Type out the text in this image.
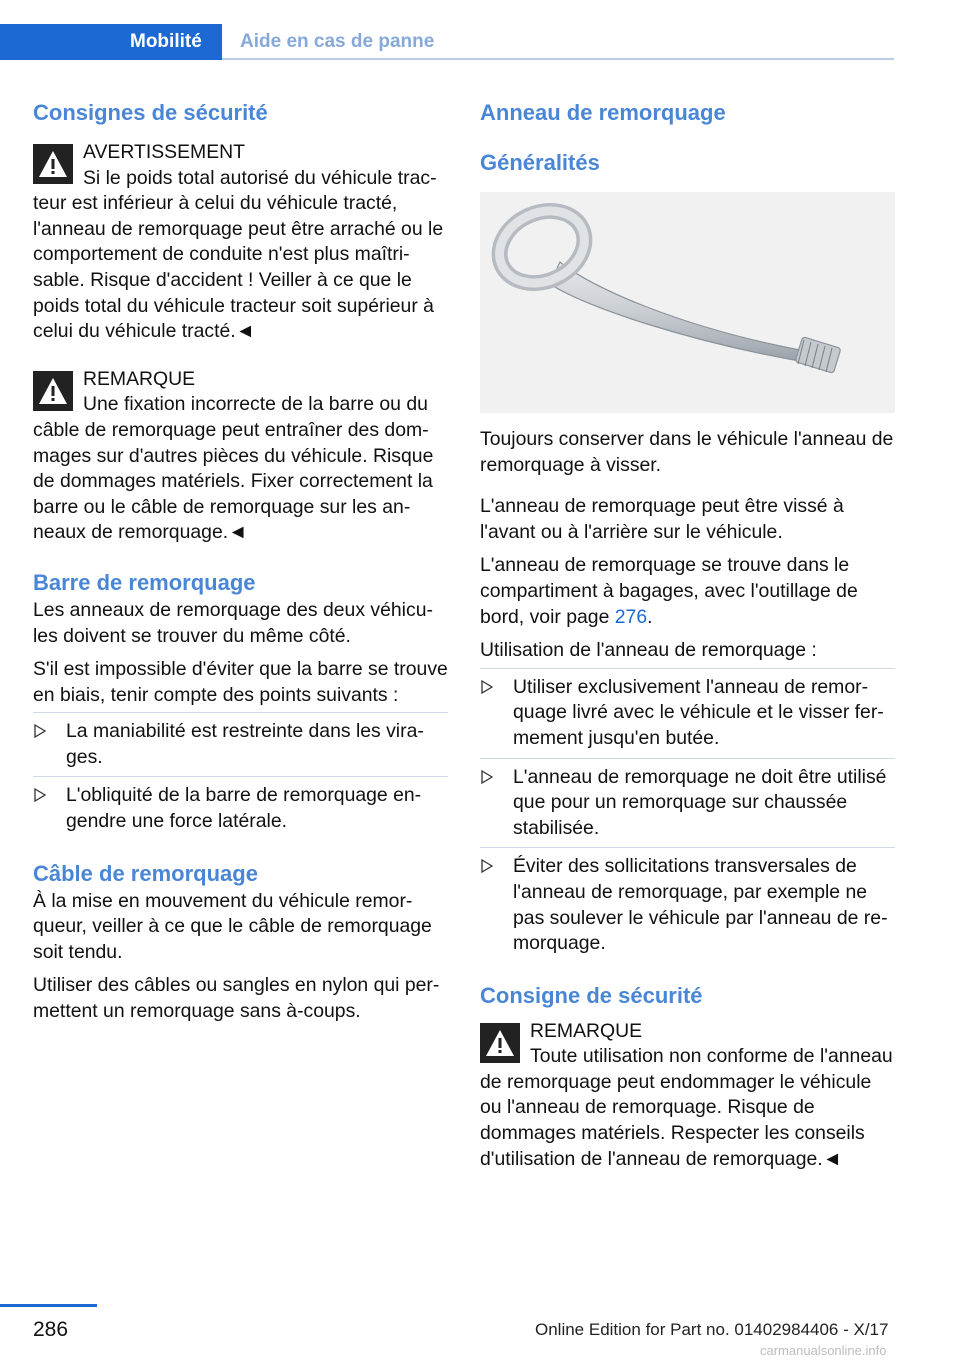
Mobilité	Aide en cas de panne
Consignes de sécurité
AVERTISSEMENT
Si le poids total autorisé du véhicule tracteur est inférieur à celui du véhicule tracté, l'anneau de remorquage peut être arraché ou le comportement de conduite n'est plus maîtrisable. Risque d'accident ! Veiller à ce que le poids total du véhicule tracteur soit supérieur à celui du véhicule tracté.◄
REMARQUE
Une fixation incorrecte de la barre ou du câble de remorquage peut entraîner des dommages sur d'autres pièces du véhicule. Risque de dommages matériels. Fixer correctement la barre ou le câble de remorquage sur les anneaux de remorquage.◄
Barre de remorquage

Les anneaux de remorquage des deux véhicules doivent se trouver du même côté.

S'il est impossible d'éviter que la barre se trouve en biais, tenir compte des points suivants :

La maniabilité est restreinte dans les virages.
L'obliquité de la barre de remorquage engendre une force latérale.
Câble de remorquage

À la mise en mouvement du véhicule remorqueur, veiller à ce que le câble de remorquage soit tendu.

Utiliser des câbles ou sangles en nylon qui permettent un remorquage sans à-coups.

Anneau de remorquage
Généralités

Toujours conserver dans le véhicule l'anneau de remorquage à visser.

L'anneau de remorquage peut être vissé à l'avant ou à l'arrière sur le véhicule.

L'anneau de remorquage se trouve dans le compartiment à bagages, avec l'outillage de bord, voir page 276.

Utilisation de l'anneau de remorquage :

Utiliser exclusivement l'anneau de remorquage livré avec le véhicule et le visser fermement jusqu'en butée.
L'anneau de remorquage ne doit être utilisé que pour un remorquage sur chaussée stabilisée.
Éviter des sollicitations transversales de l'anneau de remorquage, par exemple ne pas soulever le véhicule par l'anneau de remorquage.
Consigne de sécurité
REMARQUE
Toute utilisation non conforme de l'anneau de remorquage peut endommager le véhicule ou l'anneau de remorquage. Risque de dommages matériels. Respecter les conseils d'utilisation de l'anneau de remorquage.◄
286	Online Edition for Part no. 01402984406 - X/17
carmanualsonline.info
